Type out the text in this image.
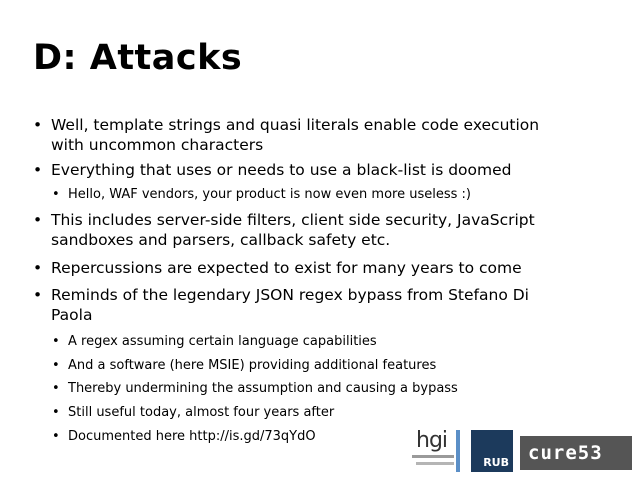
D: Attacks
• Well, template strings and quasi literals enable code execution
with uncommon characters
• Everything that uses or needs to use a black-list is doomed
• Hello, WAF vendors, your product is now even more useless :)
• This includes server-side filters, client side security, JavaScript
sandboxes and parsers, callback safety etc.
• Repercussions are expected to exist for many years to come
• Reminds of the legendary JSON regex bypass from Stefano Di
Paola
• A regex assuming certain language capabilities
• And a software (here MSIE) providing additional features
• Thereby undermining the assumption and causing a bypass
• Still useful today, almost four years after
• Documented here http://is.gd/73qYdO	hgi
RUB cure53
